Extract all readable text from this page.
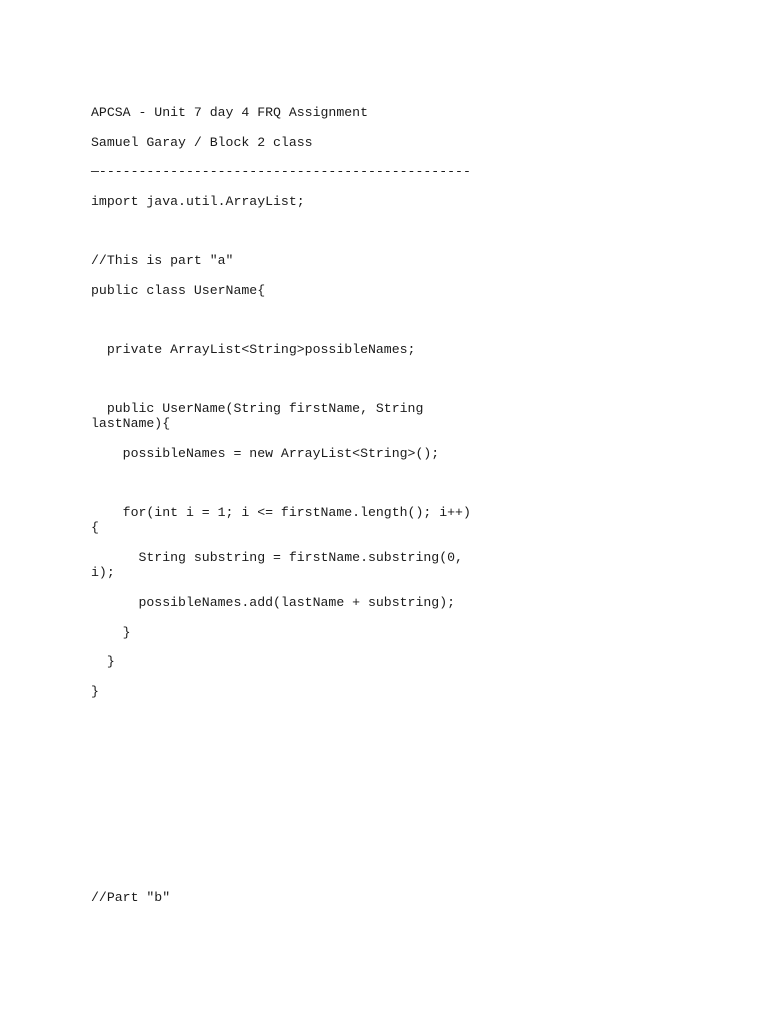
APCSA - Unit 7 day 4 FRQ Assignment

Samuel Garay / Block 2 class

—-----------------------------------------------

import java.util.ArrayList;

//This is part "a"

public class UserName{

private ArrayList<String>possibleNames;

public UserName(String firstName, String lastName){

possibleNames = new ArrayList<String>();

for(int i = 1; i <= firstName.length(); i++) {

String substring = firstName.substring(0, i);

possibleNames.add(lastName + substring);

}

}

}

//Part "b"
